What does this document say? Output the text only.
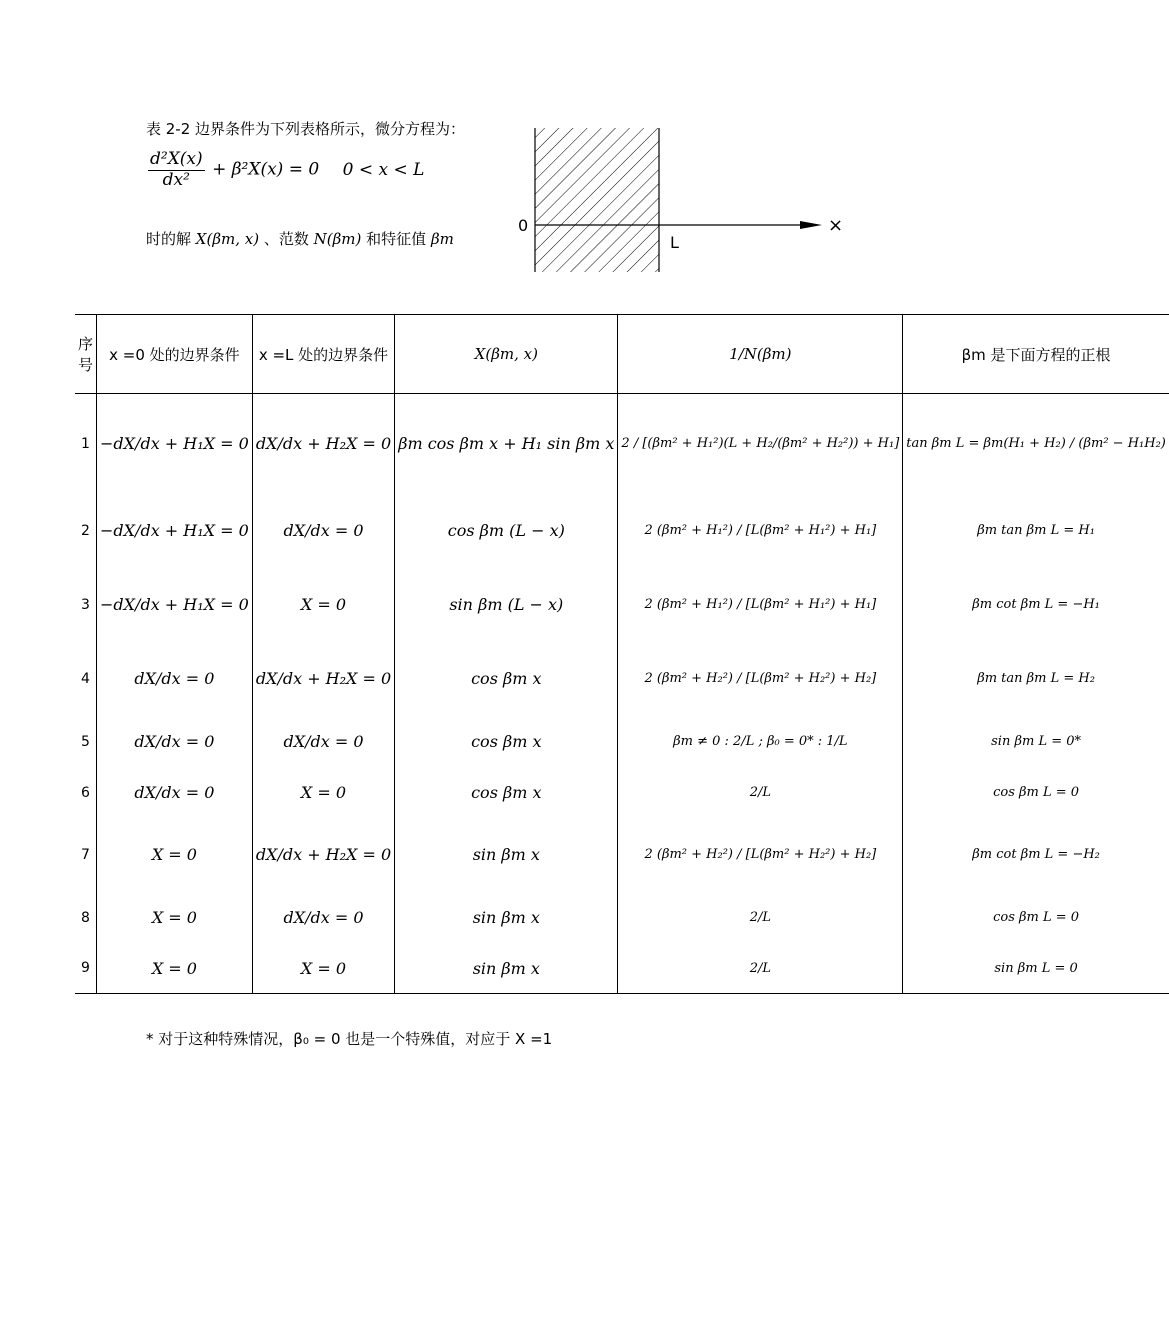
表 2-2 边界条件为下列表格所示，微分方程为：
$\frac{\text{d²X(x)}}{\text{dx²}} + \beta^2X(x) = 0$ 0 < x < L
时的解 X(βm, x) 、范数 N(βm) 和特征值 βm
0
L
×
序号	x =0 处的边界条件	x =L 处的边界条件	X(βm, x)	1/N(βm)	βm 是下面方程的正根
1	−dX/dx + H₁X = 0	dX/dx + H₂X = 0	βm cos βm x + H₁ sin βm x	2 / [(βm² + H₁²)(L + H₂/(βm² + H₂²)) + H₁]	tan βm L = βm(H₁ + H₂) / (βm² − H₁H₂)
2	−dX/dx + H₁X = 0	dX/dx = 0	cos βm (L − x)	2 (βm² + H₁²) / [L(βm² + H₁²) + H₁]	βm tan βm L = H₁
3	−dX/dx + H₁X = 0	X = 0	sin βm (L − x)	2 (βm² + H₁²) / [L(βm² + H₁²) + H₁]	βm cot βm L = −H₁
4	dX/dx = 0	dX/dx + H₂X = 0	cos βm x	2 (βm² + H₂²) / [L(βm² + H₂²) + H₂]	βm tan βm L = H₂
5	dX/dx = 0	dX/dx = 0	cos βm x	βm ≠ 0 : 2/L ; β₀ = 0* : 1/L	sin βm L = 0*
6	dX/dx = 0	X = 0	cos βm x	2/L	cos βm L = 0
7	X = 0	dX/dx + H₂X = 0	sin βm x	2 (βm² + H₂²) / [L(βm² + H₂²) + H₂]	βm cot βm L = −H₂
8	X = 0	dX/dx = 0	sin βm x	2/L	cos βm L = 0
9	X = 0	X = 0	sin βm x	2/L	sin βm L = 0
* 对于这种特殊情况，β₀ = 0 也是一个特殊值，对应于 X =1
